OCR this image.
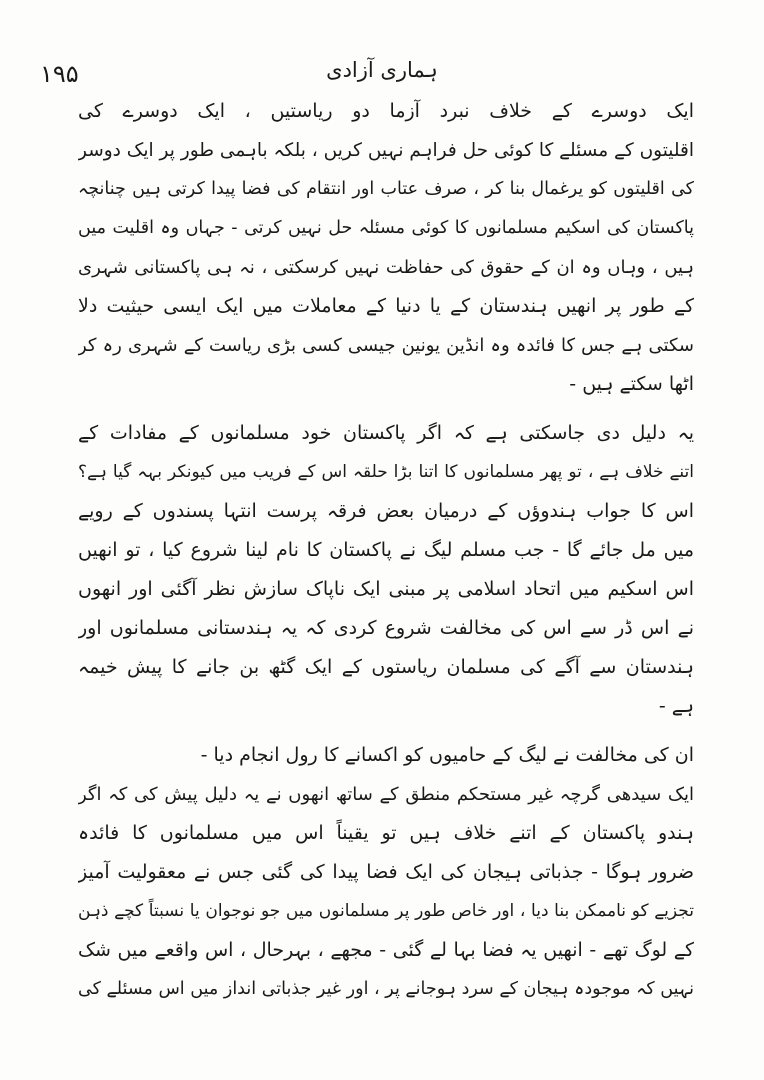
۱۹۵	ہماری آزادی
ایک دوسرے کے خلاف نبرد آزما دو ریاستیں ، ایک دوسرے کی
اقلیتوں کے مسئلے کا کوئی حل فراہم نہیں کریں ، بلکہ باہمی طور پر ایک دوسر
کی اقلیتوں کو یرغمال بنا کر ، صرف عتاب اور انتقام کی فضا پیدا کرتی ہیں چنانچہ
پاکستان کی اسکیم مسلمانوں کا کوئی مسئلہ حل نہیں کرتی - جہاں وہ اقلیت میں
ہیں ، وہاں وہ ان کے حقوق کی حفاظت نہیں کرسکتی ، نہ ہی پاکستانی شہری
کے طور پر انھیں ہندستان کے یا دنیا کے معاملات میں ایک ایسی حیثیت دلا
سکتی ہے جس کا فائدہ وہ انڈین یونین جیسی کسی بڑی ریاست کے شہری رہ کر
اٹھا سکتے ہیں -
یہ دلیل دی جاسکتی ہے کہ اگر پاکستان خود مسلمانوں کے مفادات کے
اتنے خلاف ہے ، تو پھر مسلمانوں کا اتنا بڑا حلقہ اس کے فریب میں کیونکر بہہ گیا ہے؟
اس کا جواب ہندوؤں کے درمیان بعض فرقہ پرست انتہا پسندوں کے رویے
میں مل جائے گا - جب مسلم لیگ نے پاکستان کا نام لینا شروع کیا ، تو انھیں
اس اسکیم میں اتحاد اسلامی پر مبنی ایک ناپاک سازش نظر آگئی اور انھوں
نے اس ڈر سے اس کی مخالفت شروع کردی کہ یہ ہندستانی مسلمانوں اور
ہندستان سے آگے کی مسلمان ریاستوں کے ایک گٹھ بن جانے کا پیش خیمہ
ہے -
ان کی مخالفت نے لیگ کے حامیوں کو اکسانے کا رول انجام دیا -
ایک سیدھی گرچہ غیر مستحکم منطق کے ساتھ انھوں نے یہ دلیل پیش کی کہ اگر
ہندو پاکستان کے اتنے خلاف ہیں تو یقیناً اس میں مسلمانوں کا فائدہ
ضرور ہوگا - جذباتی ہیجان کی ایک فضا پیدا کی گئی جس نے معقولیت آمیز
تجزیے کو ناممکن بنا دیا ، اور خاص طور پر مسلمانوں میں جو نوجوان یا نسبتاً کچے ذہن
کے لوگ تھے - انھیں یہ فضا بہا لے گئی - مجھے ، بہرحال ، اس واقعے میں شک
نہیں کہ موجودہ ہیجان کے سرد ہوجانے پر ، اور غیر جذباتی انداز میں اس مسئلے کی
